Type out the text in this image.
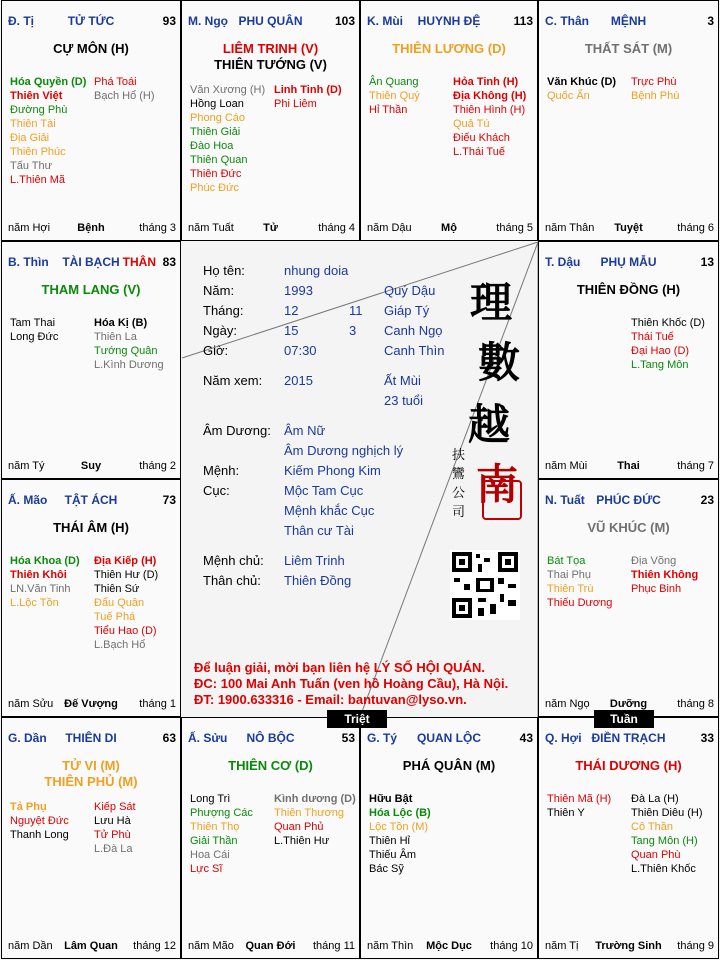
Đ. Tị	TỬ TỨC	93
CỰ MÔN (H)
Hóa Quyền (D)
Thiên Việt
Đường Phù
Thiên Tài
Địa Giải
Thiên Phúc
Tấu Thư
L.Thiên Mã
Phá Toái
Bạch Hổ (H)
năm Hợi	Bệnh	tháng 3
M. Ngọ PHU QUÂN	103
LIÊM TRINH (V)
THIÊN TƯỚNG (V)
Văn Xương (H)
Hồng Loan
Phong Cáo
Thiên Giải
Đào Hoa
Thiên Quan
Thiên Đức
Phúc Đức
Linh Tinh (D)
Phi Liêm
năm Tuất	Tử	tháng 4
K. Mùi	HUYNH ĐỆ	113
THIÊN LƯƠNG (D)
Ân Quang
Thiên Quý
Hỉ Thần
Hỏa Tinh (H)
Địa Không (H)
Thiên Hình (H)
Quả Tú
Điếu Khách
L.Thái Tuế
năm Dậu	Mộ	tháng 5
C. Thân	MỆNH	3
THẤT SÁT (M)
Văn Khúc (D)
Quốc Ấn
Trực Phù
Bệnh Phù
năm Thân	Tuyệt	tháng 6
B. Thìn	TÀI BẠCH THÂN 83
THAM LANG (V)
Tam Thai
Long Đức
Hóa Kị (B)
Thiên La
Tướng Quân
L.Kình Dương
năm Tý	Suy	tháng 2
T. Dậu	PHỤ MẪU	13
THIÊN ĐỒNG (H)
Thiên Khốc (D)
Thái Tuế
Đại Hao (D)
L.Tang Môn
năm Mùi	Thai	tháng 7
Ấ. Mão	TẬT ÁCH	73
THÁI ÂM (H)
Hóa Khoa (D)
Thiên Khôi
LN.Văn Tinh
L.Lộc Tồn
Địa Kiếp (H)
Thiên Hư (D)
Thiên Sứ
Đẩu Quân
Tuế Phá
Tiểu Hao (D)
L.Bạch Hổ
năm Sửu Đế Vượng	tháng 1
N. Tuất PHÚC ĐỨC	23
VŨ KHÚC (M)
Bát Tọa
Thai Phụ
Thiên Trù
Thiếu Dương
Địa Võng
Thiên Không
Phục Binh
năm Ngọ	Dưỡng	tháng 8
G. Dần	THIÊN DI	63
TỬ VI (M)
THIÊN PHỦ (M)
Tả Phụ
Nguyệt Đức
Thanh Long
Kiếp Sát
Lưu Hà
Tử Phù
L.Đà La
năm Dần	Lâm Quan	tháng 12
Ấ. Sửu	NÔ BỘC	53
THIÊN CƠ (D)
Long Trì
Phượng Các
Thiên Thọ
Giải Thần
Hoa Cái
Lực Sĩ
Kình dương (D)
Thiên Thương
Quan Phủ
L.Thiên Hư
năm Mão	Quan Đới	tháng 11
G. Tý	QUAN LỘC	43
PHÁ QUÂN (M)
Hữu Bật
Hóa Lộc (B)
Lộc Tồn (M)
Thiên Hỉ
Thiếu Âm
Bác Sỹ
năm Thìn	Mộc Dục	tháng 10
Q. Hợi ĐIỀN TRẠCH	33
THÁI DƯƠNG (H)
Thiên Mã (H)
Thiên Y
Đà La (H)
Thiên Diêu (H)
Cô Thần
Tang Môn (H)
Quan Phù
L.Thiên Khốc
năm Tị	Trường Sinh	tháng 9
Họ tên:	nhung doia
Năm:	1993	Quý Dậu
Tháng:	12	11 Giáp Tý
Ngày:	15	3 Canh Ngọ
Giờ:	07:30	Canh Thìn
Năm xem: 2015	Ất Mùi
23 tuổi
Âm Dương: Âm Nữ
Âm Dương nghịch lý
Mệnh:	Kiếm Phong Kim
Cục:	Mộc Tam Cục
Mệnh khắc Cục
Thân cư Tài
Mệnh chủ: Liêm Trinh
Thân chủ: Thiên Đồng
理
數
越
南
扶 鸞 公 司
Để luận giải, mời bạn liên hệ LÝ SỐ HỘI QUÁN.
ĐC: 100 Mai Anh Tuấn (ven hồ Hoàng Cầu), Hà Nội.
ĐT: 1900.633316 - Email: bantuvan@lyso.vn.
Triệt	Tuần
